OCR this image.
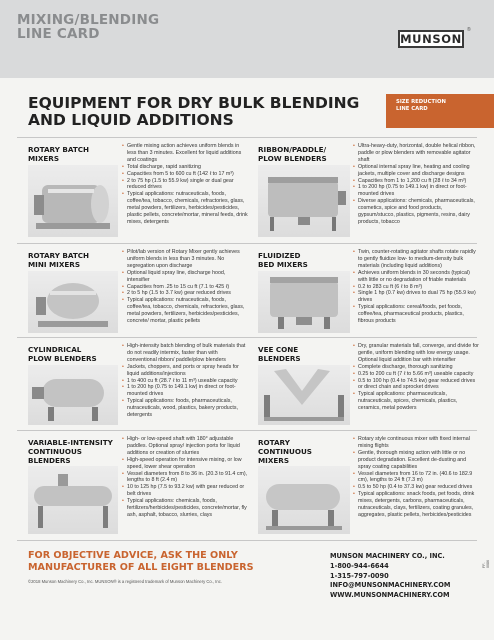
MIXING/BLENDING
LINE CARD	MUNSON
®
EQUIPMENT FOR DRY BULK BLENDING
AND LIQUID ADDITIONS
SIZE REDUCTION
LINE CARD
ROTARY BATCH
MIXERS
• Gentle mixing action achieves uniform blends in less than 3 minutes. Excellent for liquid additions and coatings
• Total discharge, rapid sanitizing
• Capacities from 5 to 600 cu ft (142 ℓ to 17 m³)
• 2 to 75 hp (1.5 to 55.9 kw) single or dual gear reduced drives
• Typical applications: nutraceuticals, foods, coffee/tea, tobacco, chemicals, refractories, glass, metal powders, fertilizers, herbicides/pesticides, plastic pellets, concrete/mortar, mineral feeds, drink mixes, detergents
RIBBON/PADDLE/
PLOW BLENDERS
• Ultra-heavy-duty, horizontal, double helical ribbon, paddle or plow blenders with removable agitator shaft
• Optional internal spray line, heating and cooling jackets, multiple cover and discharge designs
• Capacities from 1 to 1,200 cu ft (28 ℓ to 34 m³)
• 1 to 200 hp (0.75 to 149.1 kw) in direct or foot-mounted drives
• Diverse applications: chemicals, pharmaceuticals, cosmetics, spice and food products, gypsum/stucco, plastics, pigments, resins, dairy products, tobacco
ROTARY BATCH
MINI MIXERS
• Pilot/lab version of Rotary Mixer gently achieves uniform blends in less than 3 minutes. No segregation upon discharge
• Optional liquid spray line, discharge hood, intensifier
• Capacities from .25 to 15 cu ft (7.1 to 425 ℓ)
• 2 to 5 hp (1.5 to 3.7 kw) gear reduced drives
• Typical applications: nutraceuticals, foods, coffee/tea, tobacco, chemicals, refractories, glass, metal powders, fertilizers, herbicides/pesticides, concrete/ mortar, plastic pellets
FLUIDIZED
BED MIXERS
• Twin, counter-rotating agitator shafts rotate rapidly to gently fluidize low- to medium-density bulk materials (including liquid additions)
• Achieves uniform blends in 30 seconds (typical) with little or no degradation of friable materials
• 0.2 to 283 cu ft (6 ℓ to 8 m³)
• Single 1 hp (0.7 kw) drives to dual 75 hp (55.9 kw) drives
• Typical applications: cereal/foods, pet foods, coffee/tea, pharmaceutical products, plastics, fibrous products
CYLINDRICAL
PLOW BLENDERS
• High-intensity batch blending of bulk materials that do not readily intermix, faster than with conventional ribbon/ paddle/plow blenders
• Jackets, choppers, and ports or spray heads for liquid additions/injections
• 1 to 400 cu ft (28.7 ℓ to 11 m³) useable capacity
• 1 to 200 hp (0.75 to 149.1 kw) in direct or foot-mounted drives
• Typical applications: foods, pharmaceuticals, nutraceuticals, wood, plastics, bakery products, detergents
VEE CONE
BLENDERS
• Dry, granular materials fall, converge, and divide for gentle, uniform blending with low energy usage. Optional liquid addition bar with intensifier
• Complete discharge, thorough sanitizing
• 0.25 to 200 cu ft (7 ℓ to 5.66 m³) useable capacity
• 0.5 to 100 hp (0.4 to 74.5 kw) gear reduced drives or direct chain and sprocket drives
• Typical applications: pharmaceuticals, nutraceuticals, spices, chemicals, plastics, ceramics, metal powders
VARIABLE-INTENSITY
CONTINUOUS
BLENDERS
• High- or low-speed shaft with 180° adjustable paddles. Optional spray/ injection ports for liquid additions or creation of slurries
• High-speed operation for intensive mixing, or low speed, lower shear operation
• Vessel diameters from 8 to 36 in. (20.3 to 91.4 cm), lengths to 8 ft (2.4 m)
• 10 to 125 hp (7.5 to 93.2 kw) with gear reduced or belt drives
• Typical applications: chemicals, foods, fertilizers/herbicides/pesticides, concrete/mortar, fly ash, asphalt, tobacco, slurries, clays
ROTARY
CONTINUOUS
MIXERS
• Rotary style continuous mixer with fixed internal mixing flights
• Gentle, thorough mixing action with little or no product degradation. Excellent de-dusting and spray coating capabilities
• Vessel diameters from 16 to 72 in. (40.6 to 182.9 cm), lengths to 24 ft (7.3 m)
• 0.5 to 50 hp (0.4 to 37.3 kw) gear reduced drives
• Typical applications: snack foods, pet foods, drink mixes, detergents, carbons, pharmaceuticals, nutraceuticals, clays, fertilizers, coating granules, aggregates, plastic pellets, herbicides/pesticides
FOR OBJECTIVE ADVICE, ASK THE ONLY
MANUFACTURER OF ALL EIGHT BLENDERS
©2018 Munson Machinery Co., Inc. MUNSON® is a registered trademark of Munson Machinery Co., Inc.
MUNSON MACHINERY CO., INC.
1-800-944-6644
1-315-797-0090
INFO@MUNSONMACHINERY.COM
WWW.MUNSONMACHINERY.COM
FF-0086
